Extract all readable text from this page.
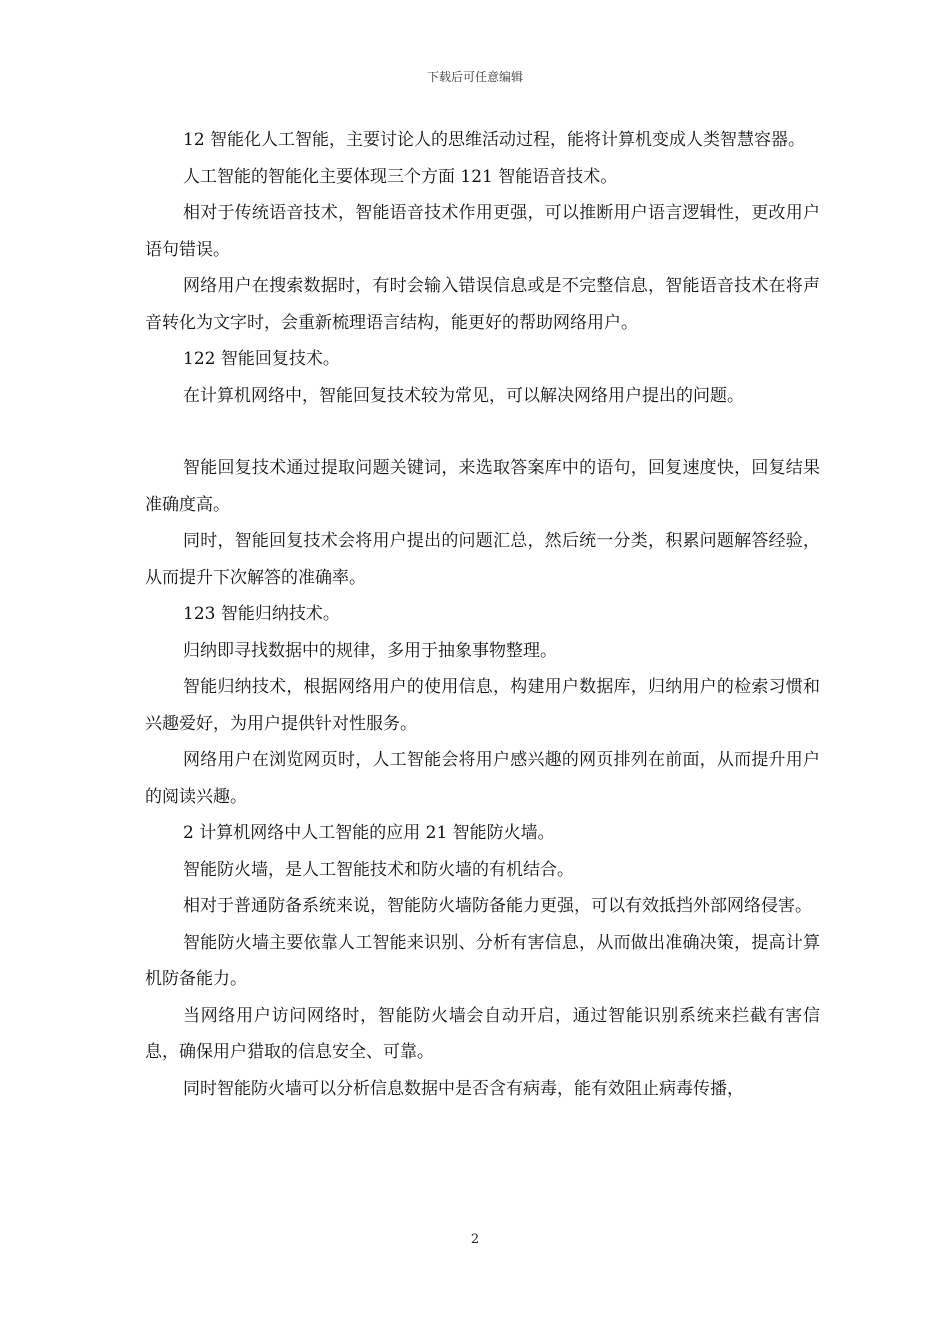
下载后可任意编辑

12 智能化人工智能，主要讨论人的思维活动过程，能将计算机变成人类智慧容器。

人工智能的智能化主要体现三个方面 121 智能语音技术。

相对于传统语音技术，智能语音技术作用更强，可以推断用户语言逻辑性，更改用户语句错误。

网络用户在搜索数据时，有时会输入错误信息或是不完整信息，智能语音技术在将声音转化为文字时，会重新梳理语言结构，能更好的帮助网络用户。

122 智能回复技术。

在计算机网络中，智能回复技术较为常见，可以解决网络用户提出的问题。

智能回复技术通过提取问题关键词，来选取答案库中的语句，回复速度快，回复结果准确度高。

同时，智能回复技术会将用户提出的问题汇总，然后统一分类，积累问题解答经验，从而提升下次解答的准确率。

123 智能归纳技术。

归纳即寻找数据中的规律，多用于抽象事物整理。

智能归纳技术，根据网络用户的使用信息，构建用户数据库，归纳用户的检索习惯和兴趣爱好，为用户提供针对性服务。

网络用户在浏览网页时，人工智能会将用户感兴趣的网页排列在前面，从而提升用户的阅读兴趣。

2 计算机网络中人工智能的应用 21 智能防火墙。

智能防火墙，是人工智能技术和防火墙的有机结合。

相对于普通防备系统来说，智能防火墙防备能力更强，可以有效抵挡外部网络侵害。

智能防火墙主要依靠人工智能来识别、分析有害信息，从而做出准确决策，提高计算机防备能力。

当网络用户访问网络时，智能防火墙会自动开启，通过智能识别系统来拦截有害信息，确保用户猎取的信息安全、可靠。

同时智能防火墙可以分析信息数据中是否含有病毒，能有效阻止病毒传播，

2
